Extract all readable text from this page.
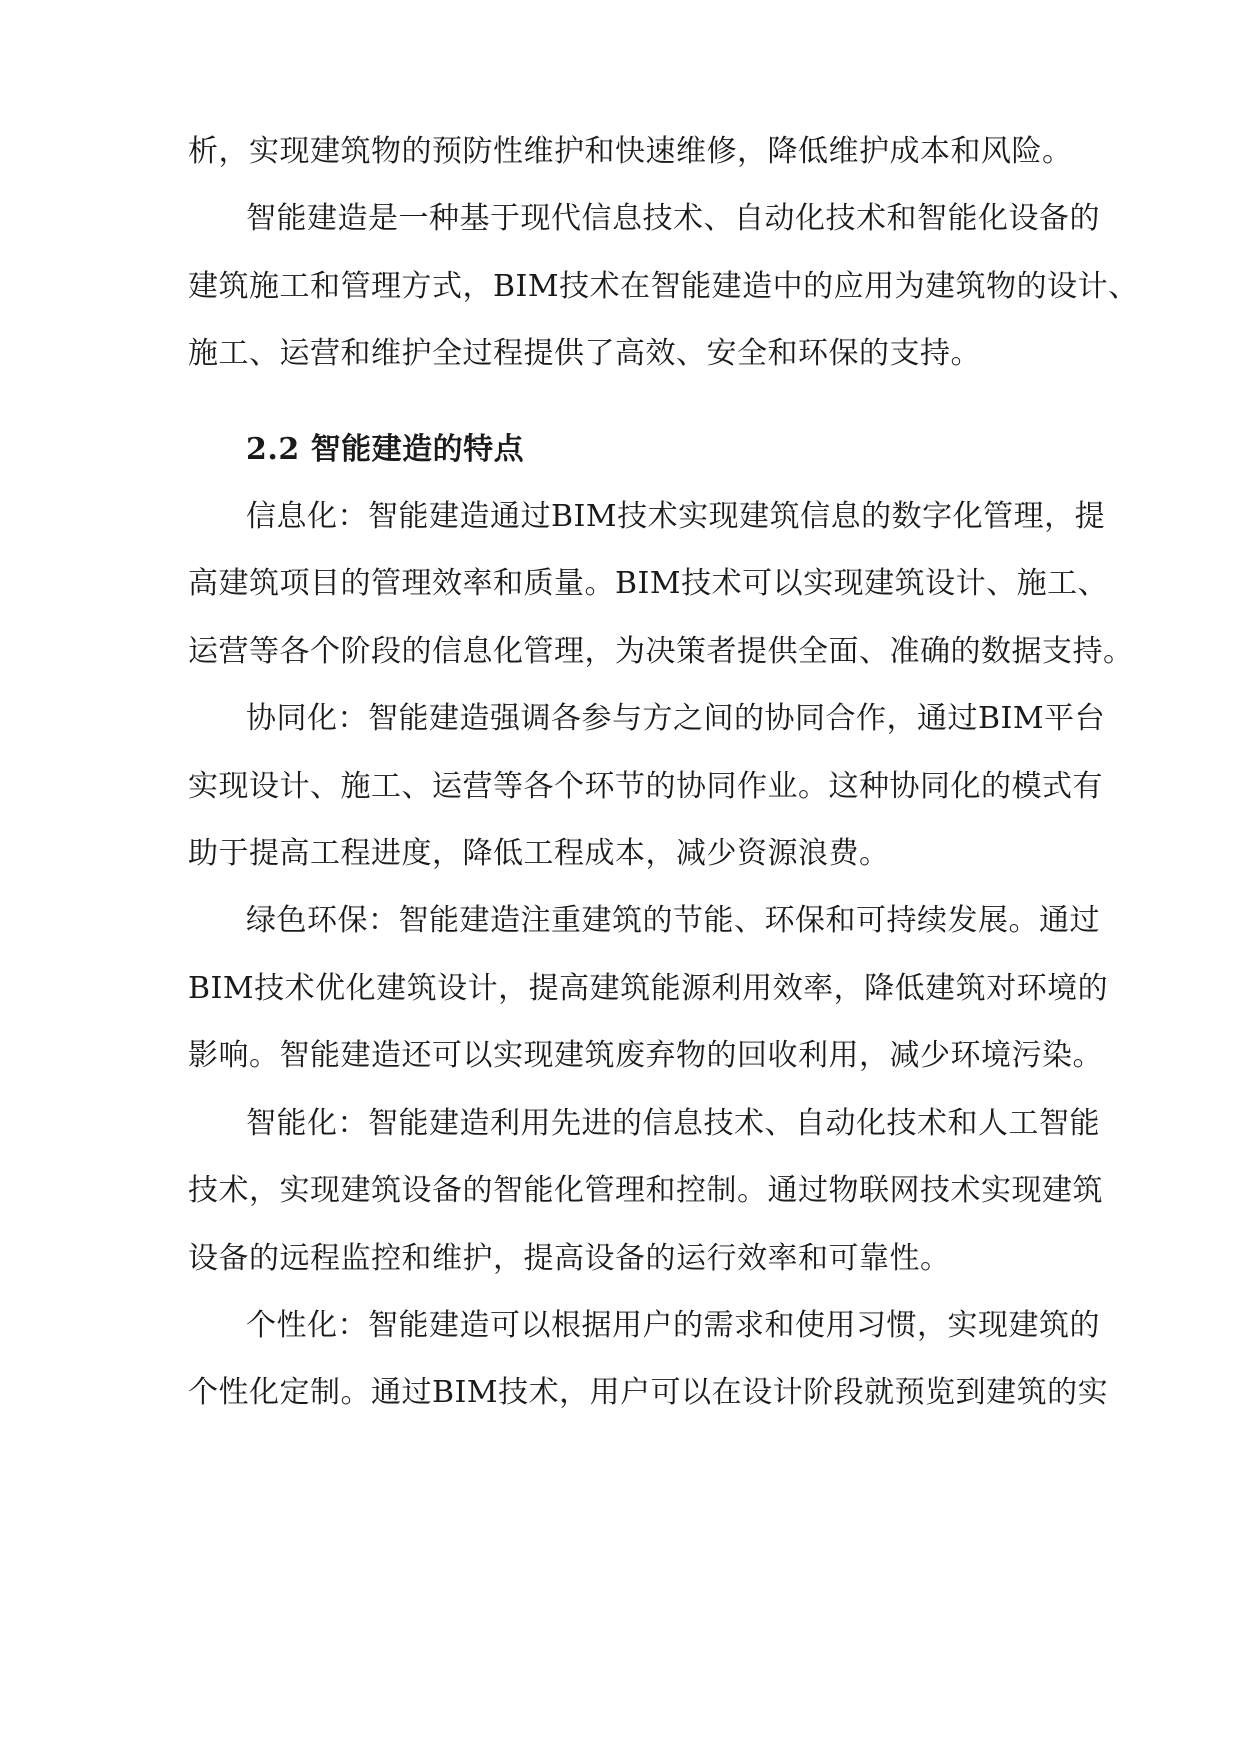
析，实现建筑物的预防性维护和快速维修，降低维护成本和风险。
智能建造是一种基于现代信息技术、自动化技术和智能化设备的
建筑施工和管理方式，BIM技术在智能建造中的应用为建筑物的设计、
施工、运营和维护全过程提供了高效、安全和环保的支持。
2.2 智能建造的特点
信息化：智能建造通过BIM技术实现建筑信息的数字化管理，提
高建筑项目的管理效率和质量。BIM技术可以实现建筑设计、施工、
运营等各个阶段的信息化管理，为决策者提供全面、准确的数据支持。
协同化：智能建造强调各参与方之间的协同合作，通过BIM平台
实现设计、施工、运营等各个环节的协同作业。这种协同化的模式有
助于提高工程进度，降低工程成本，减少资源浪费。
绿色环保：智能建造注重建筑的节能、环保和可持续发展。通过
BIM技术优化建筑设计，提高建筑能源利用效率，降低建筑对环境的
影响。智能建造还可以实现建筑废弃物的回收利用，减少环境污染。
智能化：智能建造利用先进的信息技术、自动化技术和人工智能
技术，实现建筑设备的智能化管理和控制。通过物联网技术实现建筑
设备的远程监控和维护，提高设备的运行效率和可靠性。
个性化：智能建造可以根据用户的需求和使用习惯，实现建筑的
个性化定制。通过BIM技术，用户可以在设计阶段就预览到建筑的实
